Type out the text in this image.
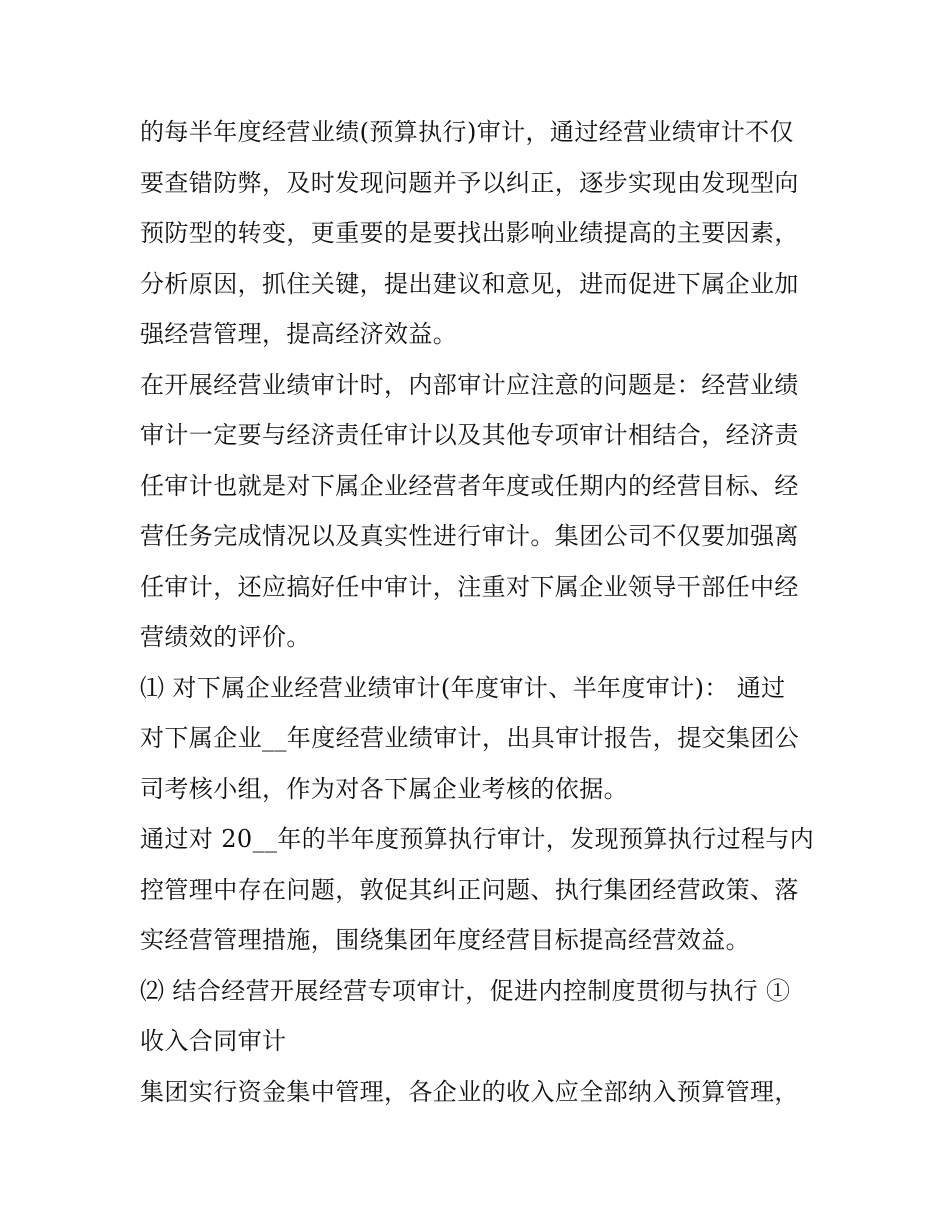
的每半年度经营业绩(预算执行)审计，通过经营业绩审计不仅
要查错防弊，及时发现问题并予以纠正，逐步实现由发现型向
预防型的转变，更重要的是要找出影响业绩提高的主要因素，
分析原因，抓住关键，提出建议和意见，进而促进下属企业加
强经营管理，提高经济效益。
在开展经营业绩审计时，内部审计应注意的问题是：经营业绩
审计一定要与经济责任审计以及其他专项审计相结合，经济责
任审计也就是对下属企业经营者年度或任期内的经营目标、经
营任务完成情况以及真实性进行审计。集团公司不仅要加强离
任审计，还应搞好任中审计，注重对下属企业领导干部任中经
营绩效的评价。
⑴ 对下属企业经营业绩审计(年度审计、半年度审计)： 通过
对下属企业__年度经营业绩审计，出具审计报告，提交集团公
司考核小组，作为对各下属企业考核的依据。
通过对 20__年的半年度预算执行审计，发现预算执行过程与内
控管理中存在问题，敦促其纠正问题、执行集团经营政策、落
实经营管理措施，围绕集团年度经营目标提高经营效益。
⑵ 结合经营开展经营专项审计，促进内控制度贯彻与执行 ①
收入合同审计
集团实行资金集中管理，各企业的收入应全部纳入预算管理，
